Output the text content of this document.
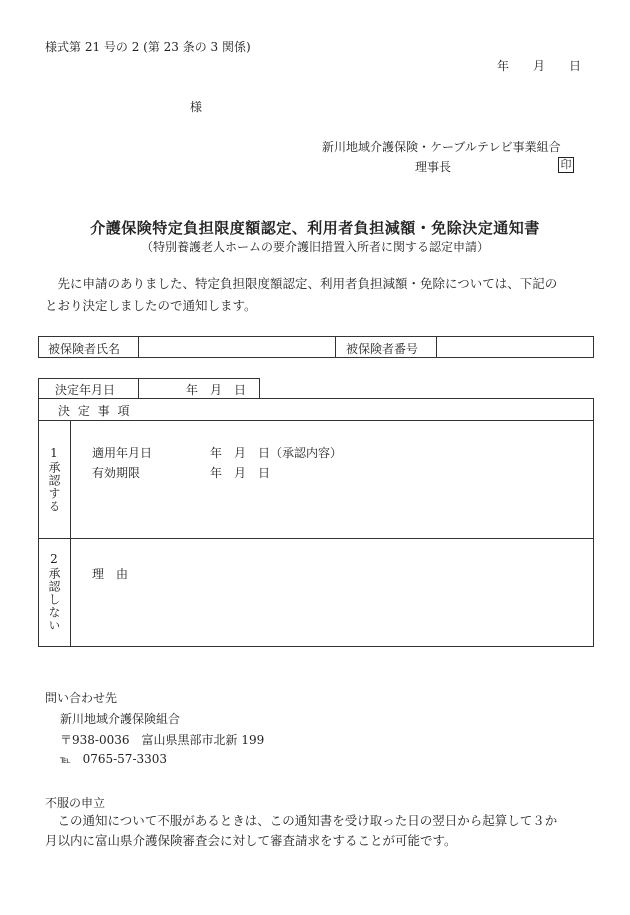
様式第 21 号の 2 (第 23 条の 3 関係)
年　　月　　日
様
新川地域介護保険・ケーブルテレビ事業組合
理事長	印
介護保険特定負担限度額認定、利用者負担減額・免除決定通知書
（特別養護老人ホームの要介護旧措置入所者に関する認定申請）
　先に申請のありました、特定負担限度額認定、利用者負担減額・免除については、下記の
とおり決定しましたので通知します。
被保険者氏名	被保険者番号
決定年月日	年　月　日
決 定 事 項
1承認する	適用年月日	年　月　日（承認内容）
有効期限	年　月　日
2承認しない	理　由
問い合わせ先
新川地域介護保険組合
〒938-0036　富山県黒部市北新 199
℡ 0765-57-3303
不服の申立
　この通知について不服があるときは、この通知書を受け取った日の翌日から起算して３か
月以内に富山県介護保険審査会に対して審査請求をすることが可能です。
